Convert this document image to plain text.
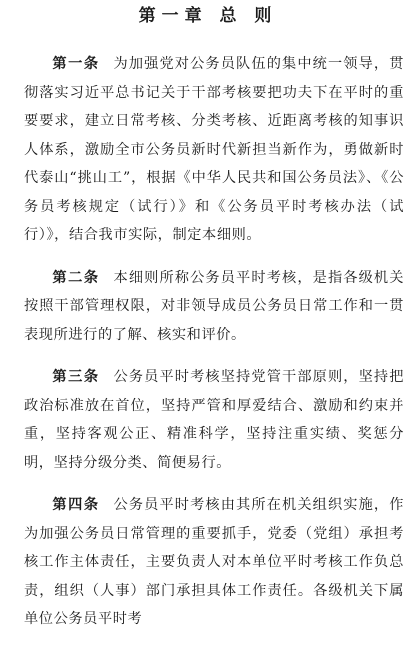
第一章 总 则

第一条 为加强党对公务员队伍的集中统一领导，贯彻落实习近平总书记关于干部考核要把功夫下在平时的重要要求，建立日常考核、分类考核、近距离考核的知事识人体系，激励全市公务员新时代新担当新作为，勇做新时代泰山“挑山工”，根据《中华人民共和国公务员法》、《公务员考核规定（试行）》和《公务员平时考核办法（试行）》，结合我市实际，制定本细则。

第二条 本细则所称公务员平时考核，是指各级机关按照干部管理权限，对非领导成员公务员日常工作和一贯表现所进行的了解、核实和评价。

第三条 公务员平时考核坚持党管干部原则，坚持把政治标准放在首位，坚持严管和厚爱结合、激励和约束并重，坚持客观公正、精准科学，坚持注重实绩、奖惩分明，坚持分级分类、简便易行。

第四条 公务员平时考核由其所在机关组织实施，作为加强公务员日常管理的重要抓手，党委（党组）承担考核工作主体责任，主要负责人对本单位平时考核工作负总责，组织（人事）部门承担具体工作责任。各级机关下属单位公务员平时考
